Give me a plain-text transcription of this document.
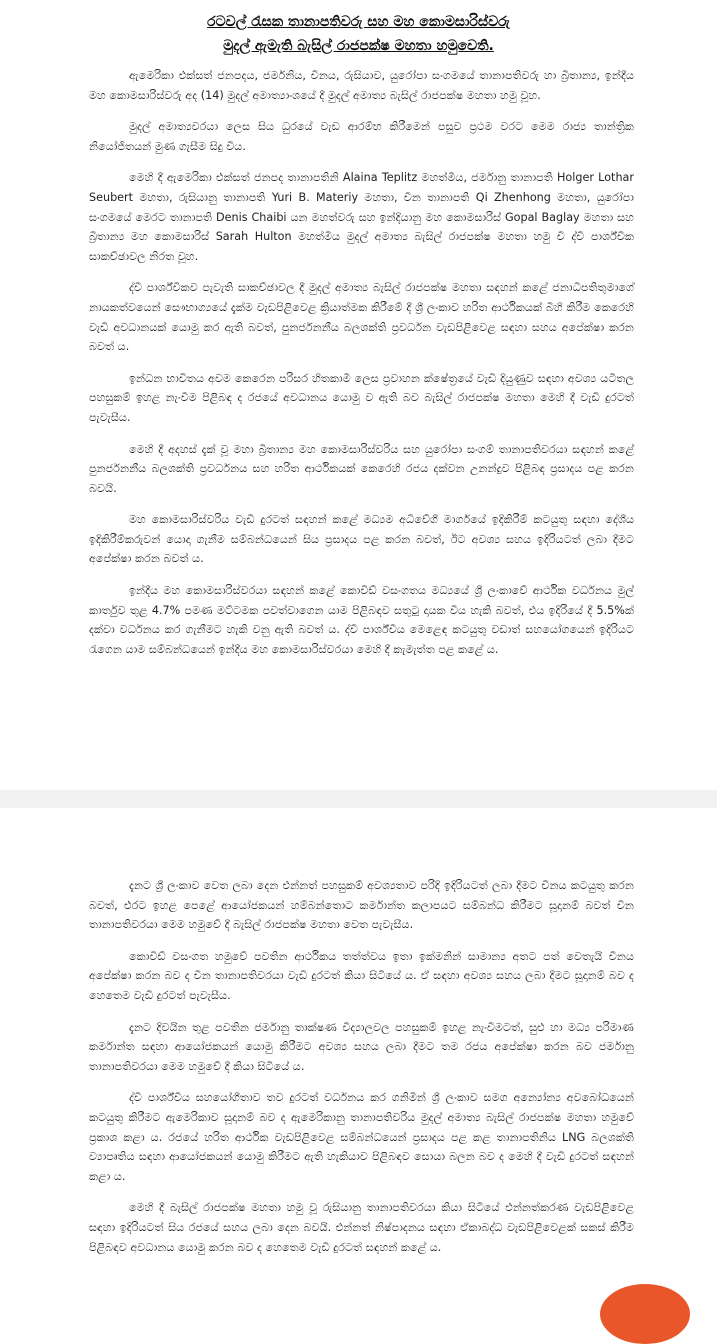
රටවල් රැසක තානාපතිවරු සහ මහ කොමසාරිස්වරු
මුදල් ඇමැති බැසිල් රාජපක්ෂ මහතා හමුවෙති.

ඇමෙරිකා එක්සත් ජනපදය, ජර්මනිය, චීනය, රුසියාව, යුරෝපා සංගමයේ තානාපතිවරු හා බ්‍රිතාන්‍ය, ඉන්දීය මහ කොමසාරිස්වරු අද (14) මුදල් අමාත්‍යාංශයේ දී මුදල් අමාත්‍ය බැසිල් රාජපක්ෂ මහතා හමු වූහ.

මුදල් අමාත්‍යවරයා ලෙස සිය ධුරයේ වැඩ ආරම්භ කිරීමෙන් පසුව ප්‍රථම වරට මෙම රාජ්‍ය තාන්ත්‍රික නියෝජිතයන් මුණ ගැසීම සිදු විය.

මෙහි දී ඇමෙරිකා එක්සත් ජනපද තානාපතිනි Alaina Teplitz මහත්මිය, ජර්මානු තානාපති Holger Lothar Seubert මහතා, රුසියානු තානාපති Yuri B. Materiy මහතා, චීන තානාපති Qi Zhenhong මහතා, යුරෝපා සංගමයේ මෙරට තානාපති Denis Chaibi යන මහත්වරු සහ ඉන්දියානු මහ කොමසාරිස් Gopal Baglay මහතා සහ බ්‍රිතාන්‍ය මහ කොමසාරිස් Sarah Hulton මහත්මිය මුදල් අමාත්‍ය බැසිල් රාජපක්ෂ මහතා හමු වී ද්වී පාර්ශ්වික සාකච්ඡාවල නිරත වූහ.

ද්වී පාර්ශ්විකව පැවැති සාකච්ඡාවල දී මුදල් අමාත්‍ය බැසිල් රාජපක්ෂ මහතා සඳහන් කළේ ජනාධිපතිතුමාගේ නායකත්වයෙන් සෞභාග්‍යයේ දැක්ම වැඩපිළිවෙළ ක්‍රියාත්මක කිරීමේ දී ශ්‍රී ලංකාව හරිත ආර්ථිකයක් බිහි කිරීම කෙරෙහි වැඩි අවධානයක් යොමු කර ඇති බවත්, පුනර්ජනනීය බලශක්ති ප්‍රවර්ධන වැඩපිළිවෙළ සඳහා සහය අපේක්ෂා කරන බවත් ය.

ඉන්ධන භාවිතය අවම කෙරෙන පරිසර හිතකාමී ලෙස ප්‍රවාහන ක්ෂේත්‍රයේ වැඩි දියුණුව සඳහා අවශ්‍ය යටිතල පහසුකම් ඉහළ නැංවීම පිළිබඳ ද රජයේ අවධානය යොමු ව ඇති බව බැසිල් රාජපක්ෂ මහතා මෙහි දී වැඩි දුරටත් පැවැසීය.

මෙහි දී අදහස් දැක් වූ මහා බ්‍රිතාන්‍ය මහ කොමසාරිස්වරිය සහ යුරෝපා සංගම් තානාපතිවරයා සඳහන් කළේ පුනර්ජනනීය බලශක්ති ප්‍රවර්ධනය සහ හරිත ආර්ථිකයක් කෙරෙහි රජය දක්වන උනන්දුව පිළිබඳ ප්‍රසාදය පළ කරන බවයි.

මහ කොමසාරිස්වරිය වැඩි දුරටත් සඳහන් කළේ මධ්‍යම අධිවේගී මාර්ගයේ ඉදිකිරීම් කටයුතු සඳහා දේශීය ඉදිකිරීම්කරුවන් යොදා ගැනීම සම්බන්ධයෙන් සිය ප්‍රසාදය පළ කරන බවත්, ඊට අවශ්‍ය සහය ඉදිරියටත් ලබා දීමට අපේක්ෂා කරන බවත් ය.

ඉන්දීය මහ කොමසාරිස්වරයා සඳහන් කළේ කොවිඩ් වසංගතය මධ්‍යයේ ශ්‍රී ලංකාවේ ආර්ථික වර්ධනය මුල් කාර්තුව තුළ 4.7% පමණ මට්ටමක පවත්වාගෙන යාම පිළිබඳව සතුටු දායක විය හැකි බවත්, එය ඉදිරියේ දී 5.5%ක් දක්වා වර්ධනය කර ගැනීමට හැකි වනු ඇති බවත් ය. ද්වී පාර්ශ්වීය මෙළෙඳ කටයුතු වඩාත් සහයෝගයෙන් ඉදිරියට රැගෙන යාම සම්බන්ධයෙන් ඉන්දීය මහ කොමසාරිස්වරයා මෙහි දී කැමැත්ත පළ කළේ ය.

දැනට ශ්‍රී ලංකාව වෙත ලබා දෙන එන්නත් පහසුකම් අවශ්‍යතාව පරිදි ඉදිරියටත් ලබා දීමට චීනය කටයුතු කරන බවත්, එරට ඉහළ පෙළේ ආයෝජකයන් හම්බන්තොට කර්මාන්ත කලාපයට සම්බන්ධ කිරීමට සූදානම් බවත් චීන තානාපතිවරයා මෙම හමුවේ දී බැසිල් රාජපක්ෂ මහතා වෙත පැවැසීය.

කොවිඩ් වසංගත හමුවේ පවතින ආර්ථිකය තත්ත්වය ඉතා ඉක්මනින් සාමාන්‍ය අතට පත් වෙතැයි චීනය අපේක්ෂා කරන බව ද චීන තානාපතිවරයා වැඩි දුරටත් කියා සිටියේ ය. ඒ සඳහා අවශ්‍ය සහය ලබා දීමට සූදානම් බව ද හෙතෙම වැඩි දුරටත් පැවැසීය.

දැනට දිවයින තුළ පවතින ජර්මානු තාක්ෂණ විද්‍යාලවල පහසුකම් ඉහළ නැංවීමටත්, සුළු හා මධ්‍ය පරිමාණ කර්මාන්ත සඳහා ආයෝජකයන් යොමු කිරීමට අවශ්‍ය සහය ලබා දීමට තම රජය අපේක්ෂා කරන බව ජර්මානු තානාපතිවරයා මෙම හමුවේ දී කියා සිටියේ ය.

ද්වී පාර්ශ්වීය සහයෝගීතාව තව දුරටත් වර්ධනය කර ගනිමින් ශ්‍රී ලංකාව සමග අන්‍යෝන්‍ය අවබෝධයෙන් කටයුතු කිරීමට ඇමෙරිකාව සූදානම් බව ද ඇමෙරිකානු තානාපතිවරිය මුදල් අමාත්‍ය බැසිල් රාජපක්ෂ මහතා හමුවේ ප්‍රකාශ කළා ය. රජයේ හරිත ආර්ථික වැඩපිළිවෙළ සම්බන්ධයෙන් ප්‍රසාදය පළ කළ තානාපතිනිය LNG බලශක්ති ව්‍යාපෘතිය සඳහා ආයෝජකයන් යොමු කිරීමට ඇති හැකියාව පිළිබඳව සොයා බලන බව ද මෙහි දී වැඩි දුරටත් සඳහන් කළා ය.

මෙහි දී බැසිල් රාජපක්ෂ මහතා හමු වූ රුසියානු තානාපතිවරයා කියා සිටියේ එන්නත්කරණ වැඩපිළිවෙළ සඳහා ඉදිරියටත් සිය රජයේ සහය ලබා දෙන බවයි. එන්නත් නිෂ්පාදනය සඳහා ඒකාබද්ධ වැඩපිළිවෙළක් සකස් කිරීම පිළිබඳව අවධානය යොමු කරන බව ද හෙතෙම වැඩි දුරටත් සඳහන් කළේ ය.
